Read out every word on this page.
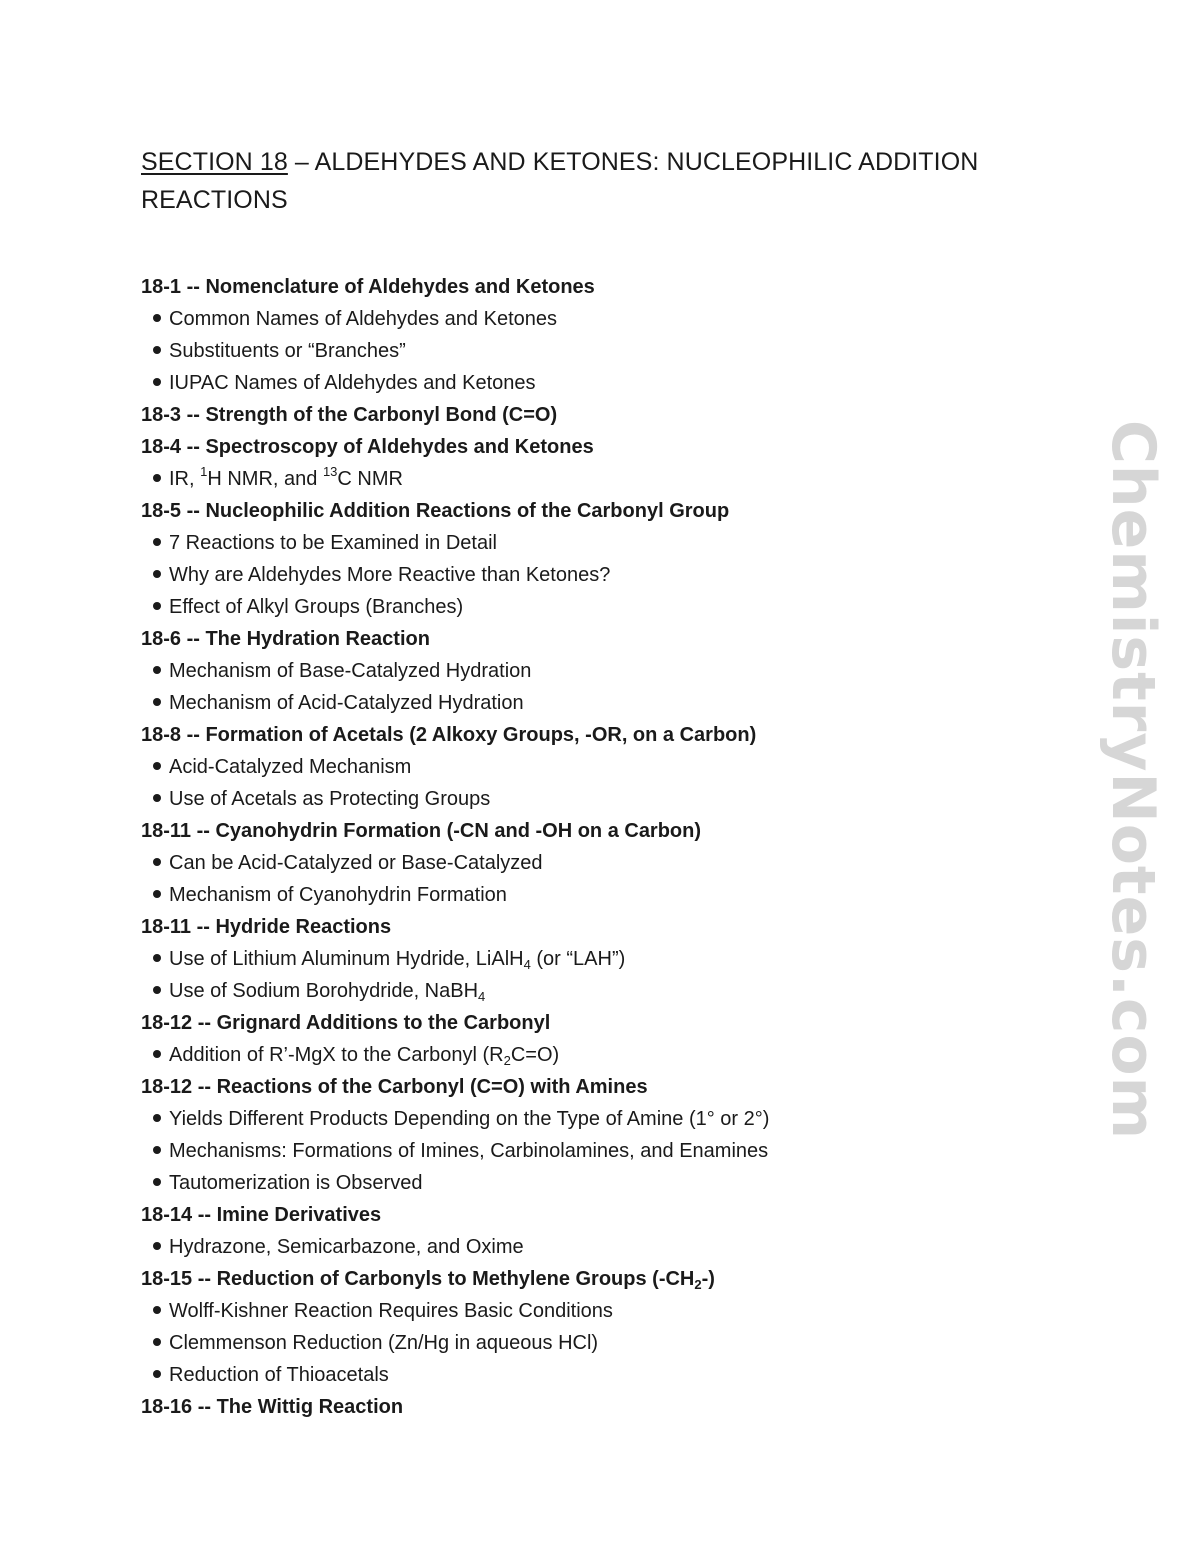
SECTION 18 – ALDEHYDES AND KETONES: NUCLEOPHILIC ADDITION REACTIONS
18-1 -- Nomenclature of Aldehydes and Ketones
Common Names of Aldehydes and Ketones
Substituents or “Branches”
IUPAC Names of Aldehydes and Ketones
18-3 -- Strength of the Carbonyl Bond (C=O)
18-4 -- Spectroscopy of Aldehydes and Ketones
IR, $^1$H NMR, and $^{13}$C NMR
18-5 -- Nucleophilic Addition Reactions of the Carbonyl Group
7 Reactions to be Examined in Detail
Why are Aldehydes More Reactive than Ketones?
Effect of Alkyl Groups (Branches)
18-6 -- The Hydration Reaction
Mechanism of Base-Catalyzed Hydration
Mechanism of Acid-Catalyzed Hydration
18-8 -- Formation of Acetals (2 Alkoxy Groups, -OR, on a Carbon)
Acid-Catalyzed Mechanism
Use of Acetals as Protecting Groups
18-11 -- Cyanohydrin Formation (-CN and -OH on a Carbon)
Can be Acid-Catalyzed or Base-Catalyzed
Mechanism of Cyanohydrin Formation
18-11 -- Hydride Reactions
Use of Lithium Aluminum Hydride, LiAlH$_4$ (or “LAH”)
Use of Sodium Borohydride, NaBH$_4$
18-12 -- Grignard Additions to the Carbonyl
Addition of R’-MgX to the Carbonyl $(R_2C=O)$
18-12 -- Reactions of the Carbonyl (C=O) with Amines
Yields Different Products Depending on the Type of Amine (1° or 2°)
Mechanisms: Formations of Imines, Carbinolamines, and Enamines
Tautomerization is Observed
18-14 -- Imine Derivatives
Hydrazone, Semicarbazone, and Oxime
18-15 -- Reduction of Carbonyls to Methylene Groups $(-CH_2-)$
Wolff-Kishner Reaction Requires Basic Conditions
Clemmenson Reduction (Zn/Hg in aqueous HCl)
Reduction of Thioacetals
18-16 -- The Wittig Reaction
ChemistryNotes.com
